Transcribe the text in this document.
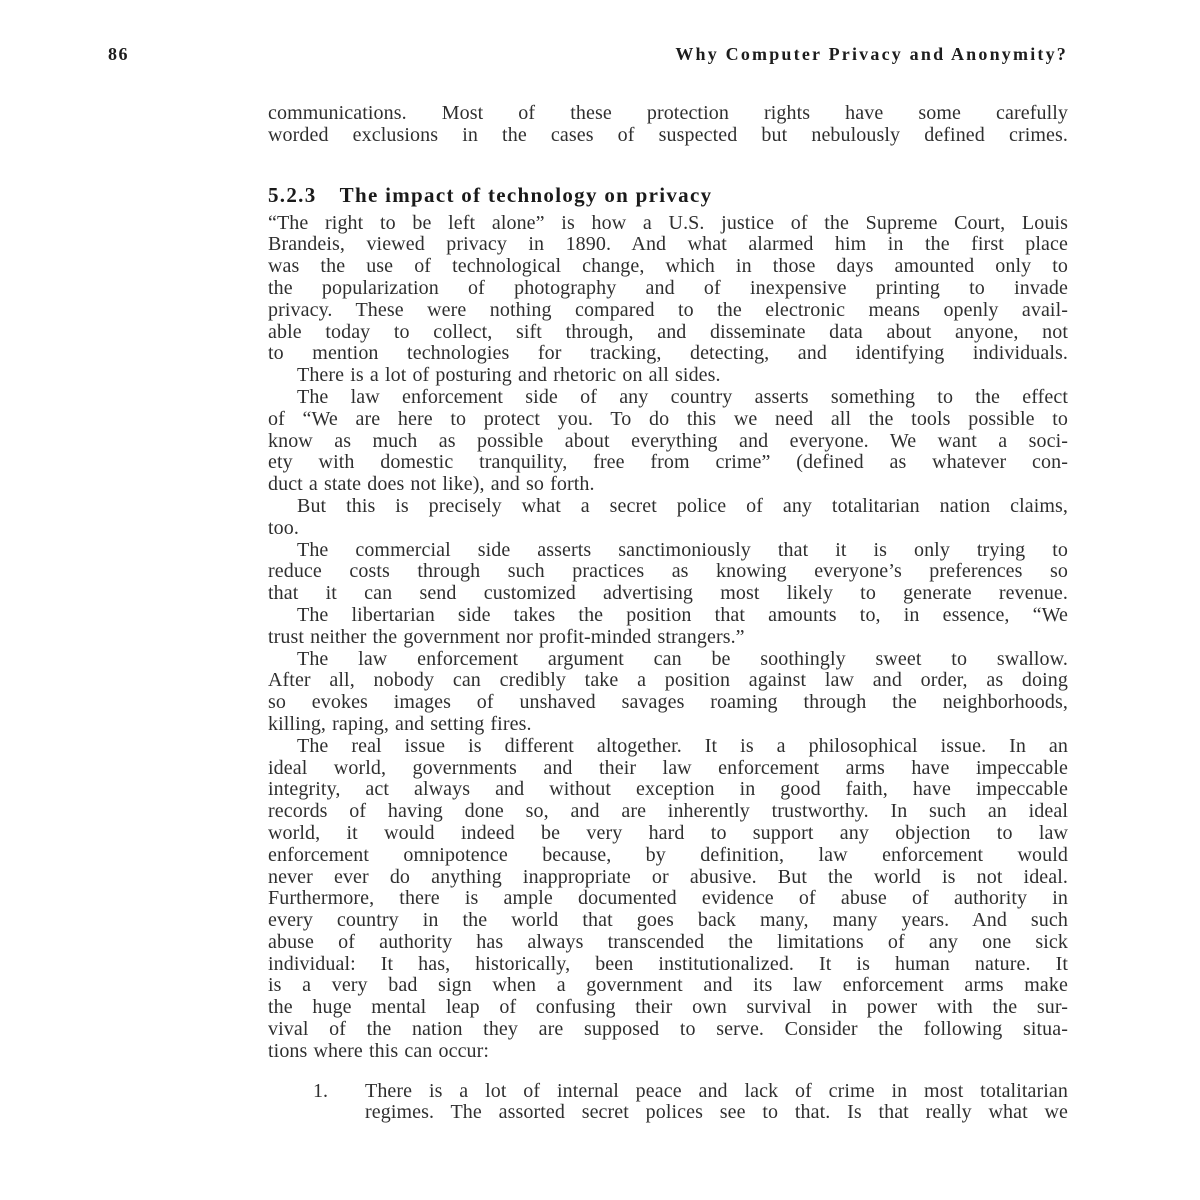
86	Why Computer Privacy and Anonymity?
communications. Most of these protection rights have some carefully
worded exclusions in the cases of suspected but nebulously defined crimes.
5.2.3 The impact of technology on privacy
“The right to be left alone” is how a U.S. justice of the Supreme Court, Louis
Brandeis, viewed privacy in 1890. And what alarmed him in the first place
was the use of technological change, which in those days amounted only to
the popularization of photography and of inexpensive printing to invade
privacy. These were nothing compared to the electronic means openly avail-
able today to collect, sift through, and disseminate data about anyone, not
to mention technologies for tracking, detecting, and identifying individuals.
There is a lot of posturing and rhetoric on all sides.
The law enforcement side of any country asserts something to the effect
of “We are here to protect you. To do this we need all the tools possible to
know as much as possible about everything and everyone. We want a soci-
ety with domestic tranquility, free from crime” (defined as whatever con-
duct a state does not like), and so forth.
But this is precisely what a secret police of any totalitarian nation claims,
too.
The commercial side asserts sanctimoniously that it is only trying to
reduce costs through such practices as knowing everyone’s preferences so
that it can send customized advertising most likely to generate revenue.
The libertarian side takes the position that amounts to, in essence, “We
trust neither the government nor profit-minded strangers.”
The law enforcement argument can be soothingly sweet to swallow.
After all, nobody can credibly take a position against law and order, as doing
so evokes images of unshaved savages roaming through the neighborhoods,
killing, raping, and setting fires.
The real issue is different altogether. It is a philosophical issue. In an
ideal world, governments and their law enforcement arms have impeccable
integrity, act always and without exception in good faith, have impeccable
records of having done so, and are inherently trustworthy. In such an ideal
world, it would indeed be very hard to support any objection to law
enforcement omnipotence because, by definition, law enforcement would
never ever do anything inappropriate or abusive. But the world is not ideal.
Furthermore, there is ample documented evidence of abuse of authority in
every country in the world that goes back many, many years. And such
abuse of authority has always transcended the limitations of any one sick
individual: It has, historically, been institutionalized. It is human nature. It
is a very bad sign when a government and its law enforcement arms make
the huge mental leap of confusing their own survival in power with the sur-
vival of the nation they are supposed to serve. Consider the following situa-
tions where this can occur:
1.	There is a lot of internal peace and lack of crime in most totalitarian
regimes. The assorted secret polices see to that. Is that really what we
